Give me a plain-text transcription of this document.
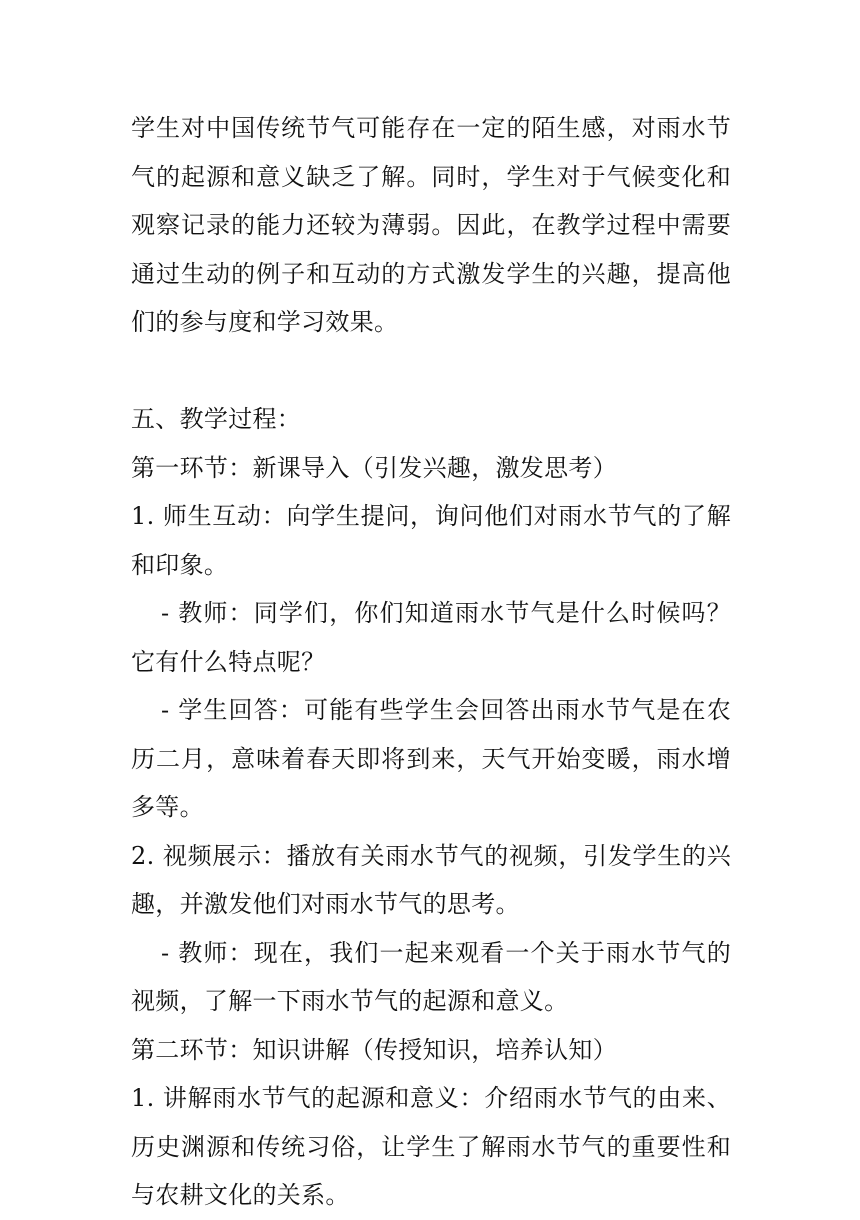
学生对中国传统节气可能存在一定的陌生感，对雨水节气的起源和意义缺乏了解。同时，学生对于气候变化和观察记录的能力还较为薄弱。因此，在教学过程中需要通过生动的例子和互动的方式激发学生的兴趣，提高他们的参与度和学习效果。

五、教学过程：

第一环节：新课导入（引发兴趣，激发思考）

1. 师生互动：向学生提问，询问他们对雨水节气的了解和印象。

- 教师：同学们，你们知道雨水节气是什么时候吗？它有什么特点呢？

- 学生回答：可能有些学生会回答出雨水节气是在农历二月，意味着春天即将到来，天气开始变暖，雨水增多等。

2. 视频展示：播放有关雨水节气的视频，引发学生的兴趣，并激发他们对雨水节气的思考。

- 教师：现在，我们一起来观看一个关于雨水节气的视频，了解一下雨水节气的起源和意义。

第二环节：知识讲解（传授知识，培养认知）

1. 讲解雨水节气的起源和意义：介绍雨水节气的由来、历史渊源和传统习俗，让学生了解雨水节气的重要性和与农耕文化的关系。
